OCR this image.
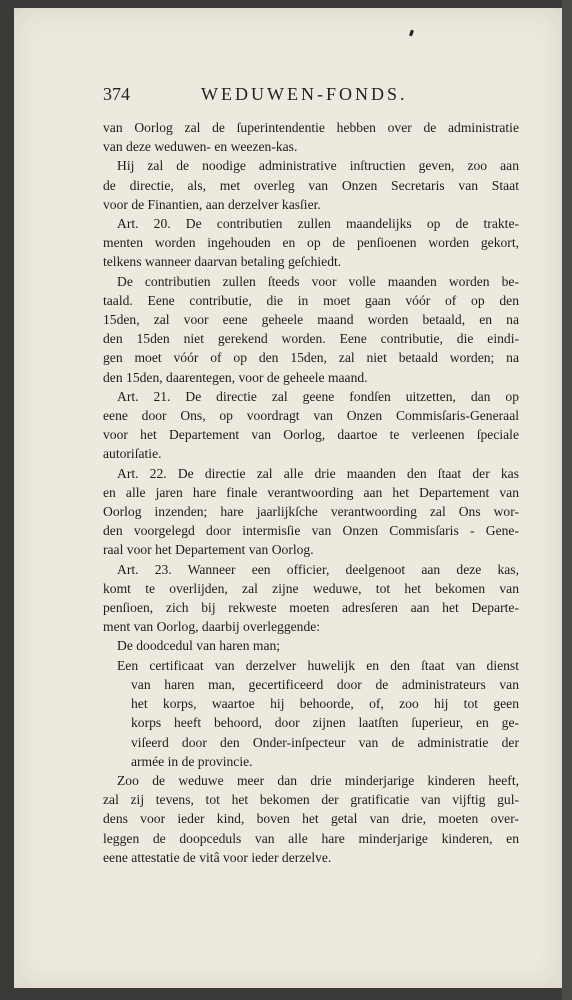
374	WEDUWEN-FONDS.

van Oorlog zal de ſuperintendentie hebben over de administratie

van deze weduwen- en weezen-kas.

Hij zal de noodige administrative inſtructien geven, zoo aan

de directie, als, met overleg van Onzen Secretaris van Staat

voor de Finantien, aan derzelver kasſier.

Art. 20. De contributien zullen maandelijks op de trakte-

menten worden ingehouden en op de penſioenen worden gekort,

telkens wanneer daarvan betaling geſchiedt.

De contributien zullen ſteeds voor volle maanden worden be-

taald. Eene contributie, die in moet gaan vóór of op den

15den, zal voor eene geheele maand worden betaald, en na

den 15den niet gerekend worden. Eene contributie, die eindi-

gen moet vóór of op den 15den, zal niet betaald worden; na

den 15den, daarentegen, voor de geheele maand.

Art. 21. De directie zal geene fondſen uitzetten, dan op

eene door Ons, op voordragt van Onzen Commisſaris-Generaal

voor het Departement van Oorlog, daartoe te verleenen ſpeciale

autoriſatie.

Art. 22. De directie zal alle drie maanden den ſtaat der kas

en alle jaren hare finale verantwoording aan het Departement van

Oorlog inzenden; hare jaarlijkſche verantwoording zal Ons wor-

den voorgelegd door intermisſie van Onzen Commisſaris - Gene-

raal voor het Departement van Oorlog.

Art. 23. Wanneer een officier, deelgenoot aan deze kas,

komt te overlijden, zal zijne weduwe, tot het bekomen van

penſioen, zich bij rekweste moeten adresſeren aan het Departe-

ment van Oorlog, daarbij overleggende:

De doodcedul van haren man;

Een certificaat van derzelver huwelijk en den ſtaat van dienst

van haren man, gecertificeerd door de administrateurs van

het korps, waartoe hij behoorde, of, zoo hij tot geen

korps heeft behoord, door zijnen laatſten ſuperieur, en ge-

viſeerd door den Onder-inſpecteur van de administratie der

armée in de provincie.

Zoo de weduwe meer dan drie minderjarige kinderen heeft,

zal zij tevens, tot het bekomen der gratificatie van vijftig gul-

dens voor ieder kind, boven het getal van drie, moeten over-

leggen de doopceduls van alle hare minderjarige kinderen, en

eene attestatie de vitâ voor ieder derzelve.
